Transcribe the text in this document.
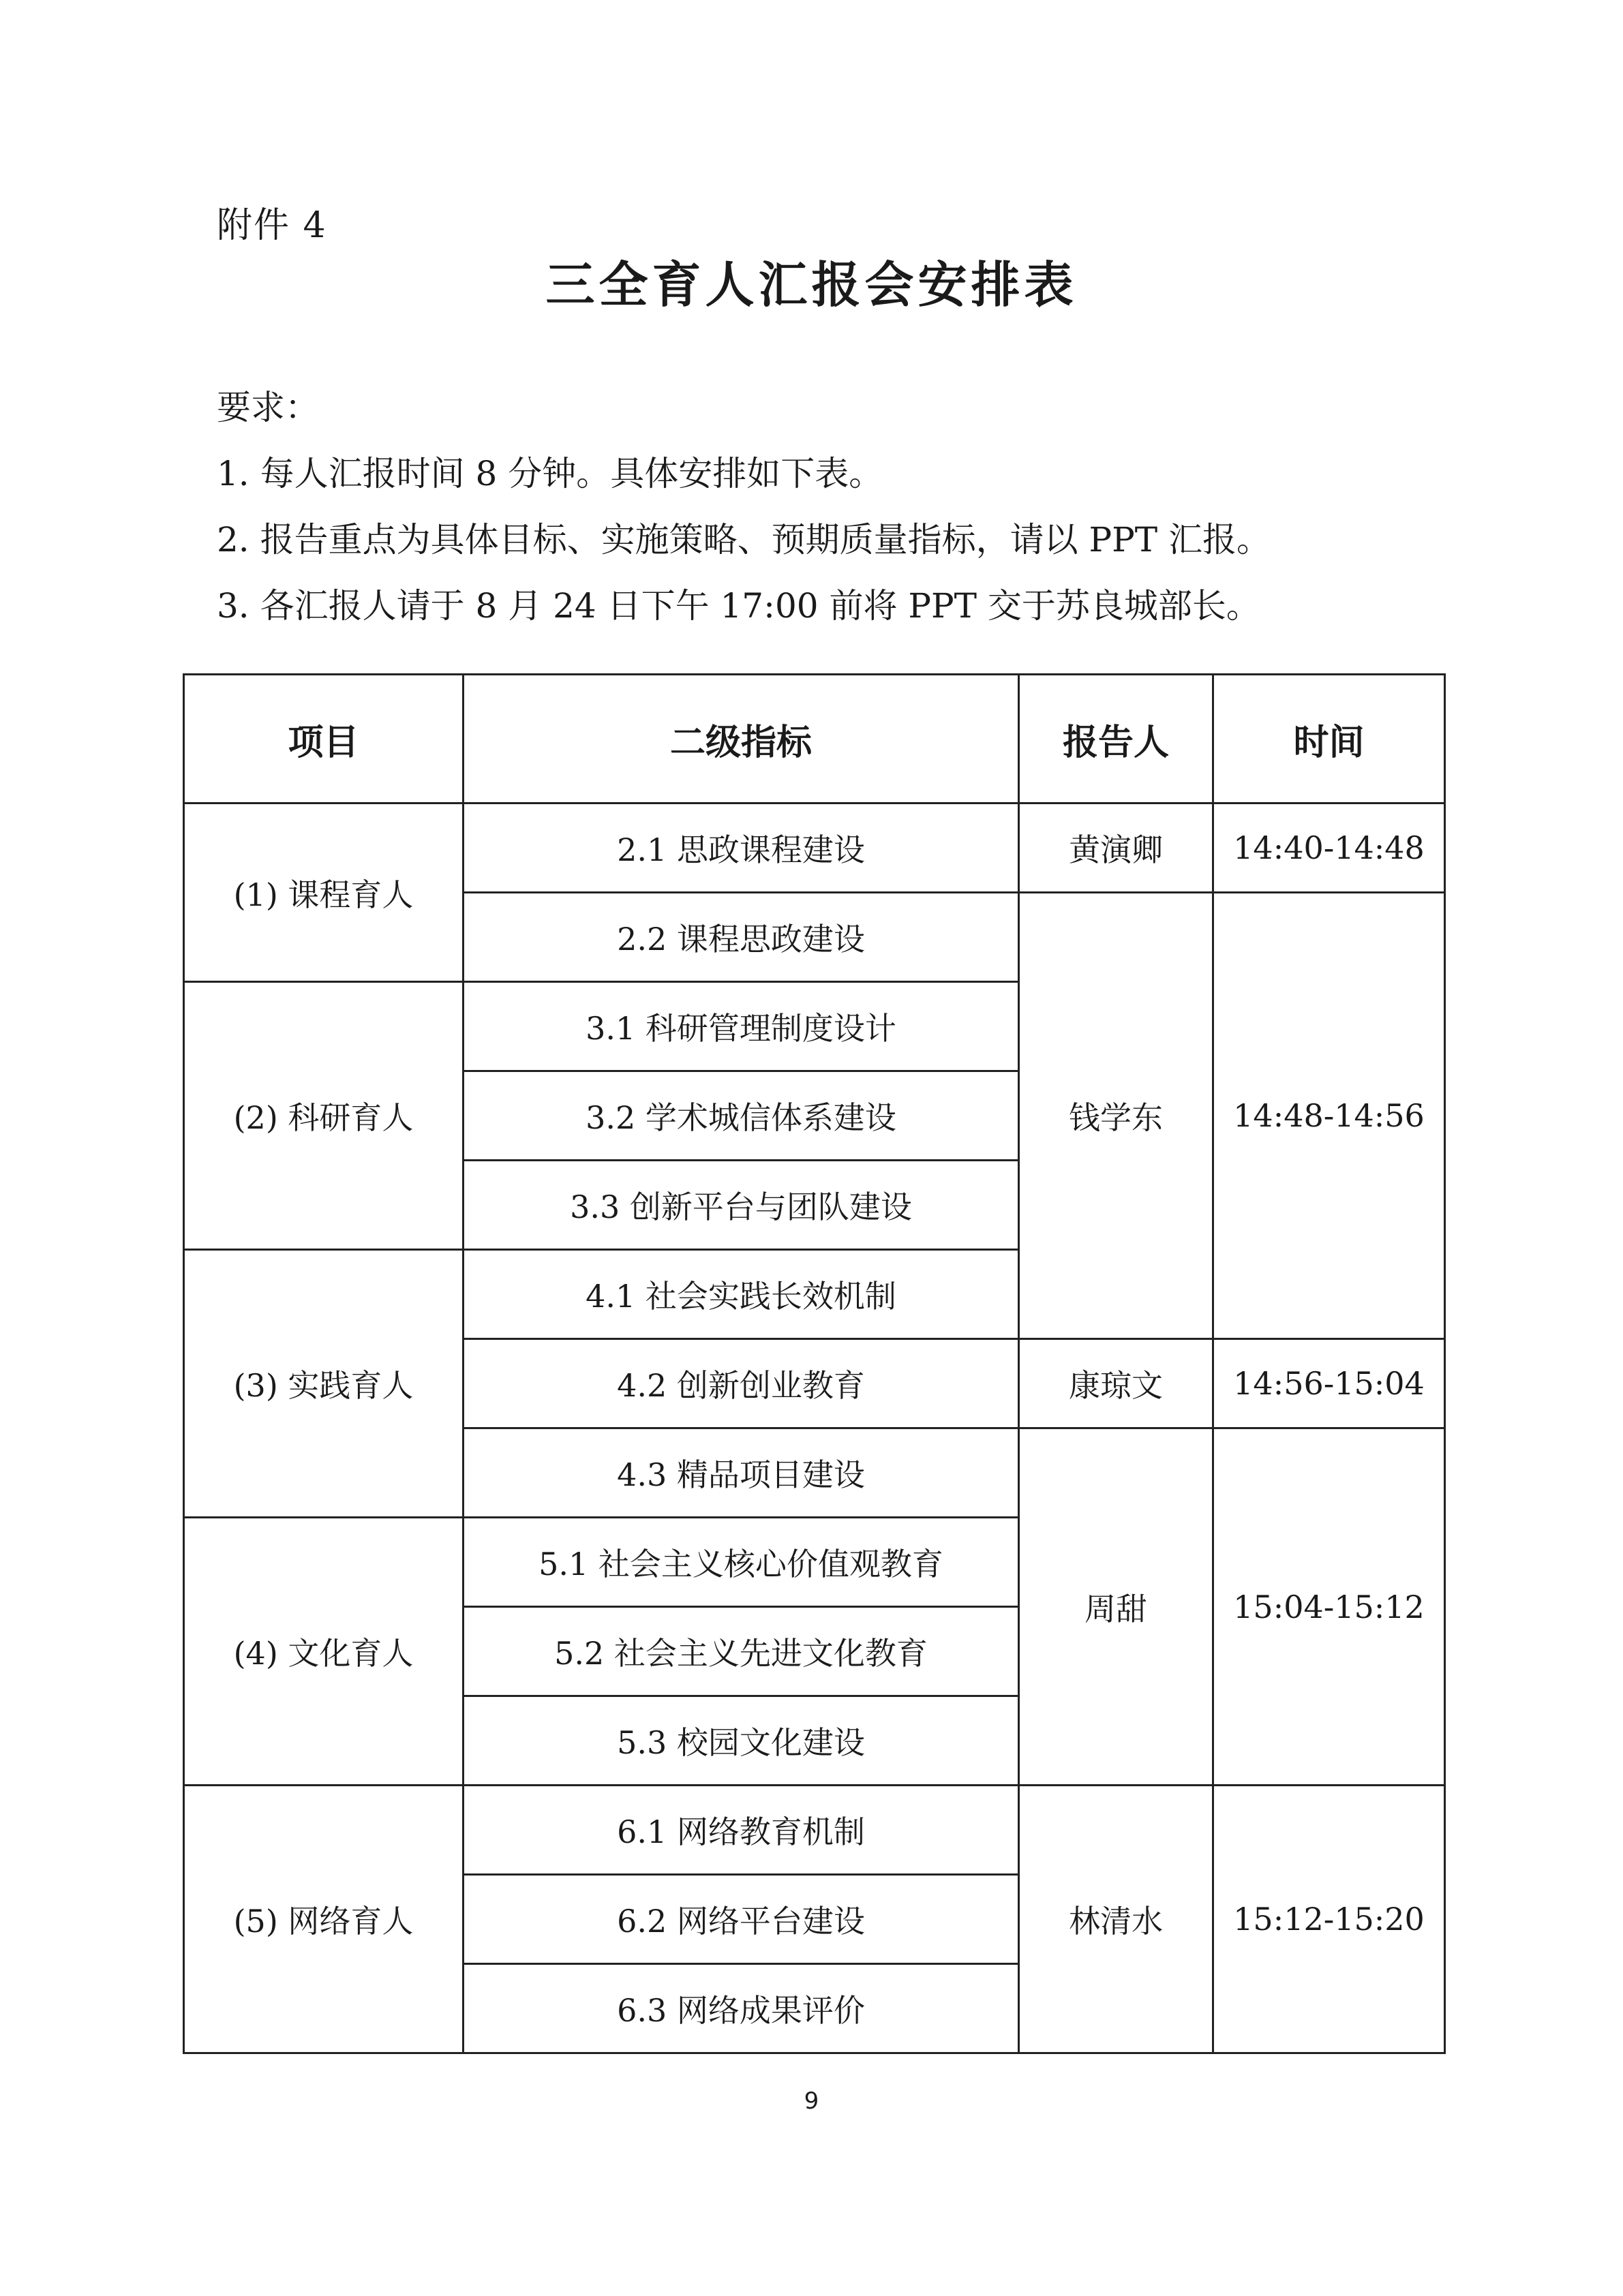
附件 4
三全育人汇报会安排表
要求：
1. 每人汇报时间 8 分钟。具体安排如下表。
2. 报告重点为具体目标、实施策略、预期质量指标，请以 PPT 汇报。
3. 各汇报人请于 8 月 24 日下午 17:00 前将 PPT 交于苏良城部长。
项目	二级指标	报告人	时间
(1) 课程育人	2.1 思政课程建设	黄演卿	14:40-14:48
	2.2 课程思政建设	钱学东	14:48-14:56
(2) 科研育人	3.1 科研管理制度设计		
	3.2 学术城信体系建设		
	3.3 创新平台与团队建设		
(3) 实践育人	4.1 社会实践长效机制		
	4.2 创新创业教育	康琼文	14:56-15:04
	4.3 精品项目建设	周甜	15:04-15:12
(4) 文化育人	5.1 社会主义核心价值观教育		
	5.2 社会主义先进文化教育		
	5.3 校园文化建设		
(5) 网络育人	6.1 网络教育机制	林清水	15:12-15:20
	6.2 网络平台建设		
	6.3 网络成果评价		
9
